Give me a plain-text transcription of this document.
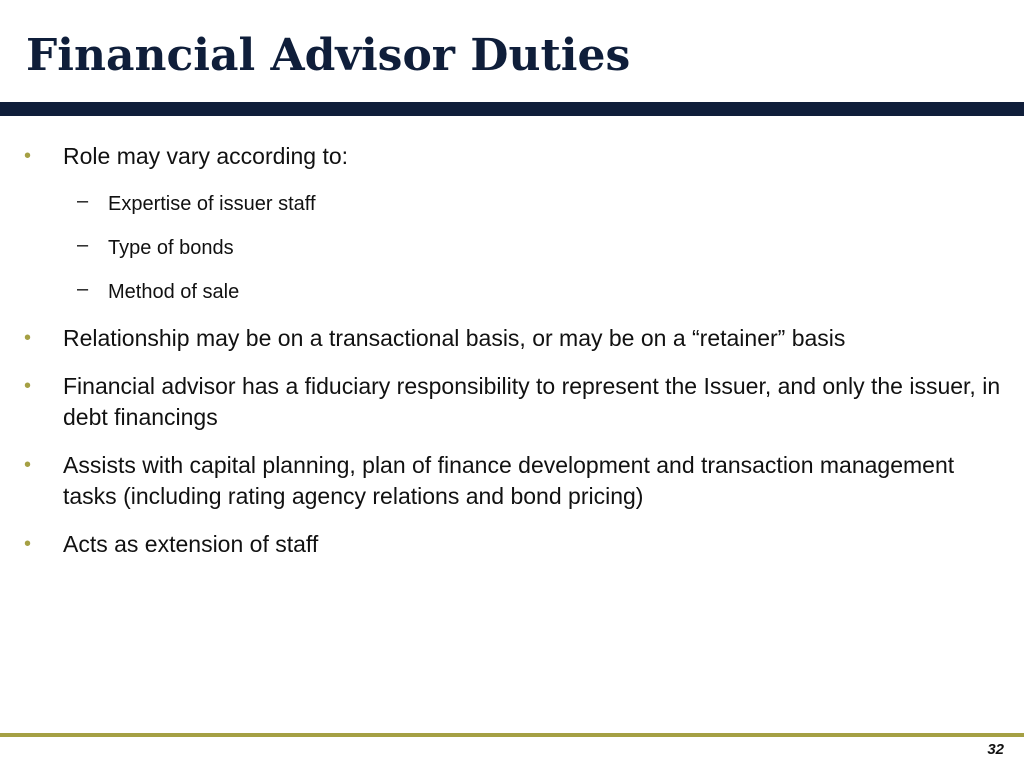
Financial Advisor Duties
• Role may vary according to:
– Expertise of issuer staff
– Type of bonds
– Method of sale
• Relationship may be on a transactional basis, or may be on a “retainer” basis
• Financial advisor has a fiduciary responsibility to represent the Issuer, and only the issuer, in debt financings
• Assists with capital planning, plan of finance development and transaction management tasks (including rating agency relations and bond pricing)
• Acts as extension of staff
32
